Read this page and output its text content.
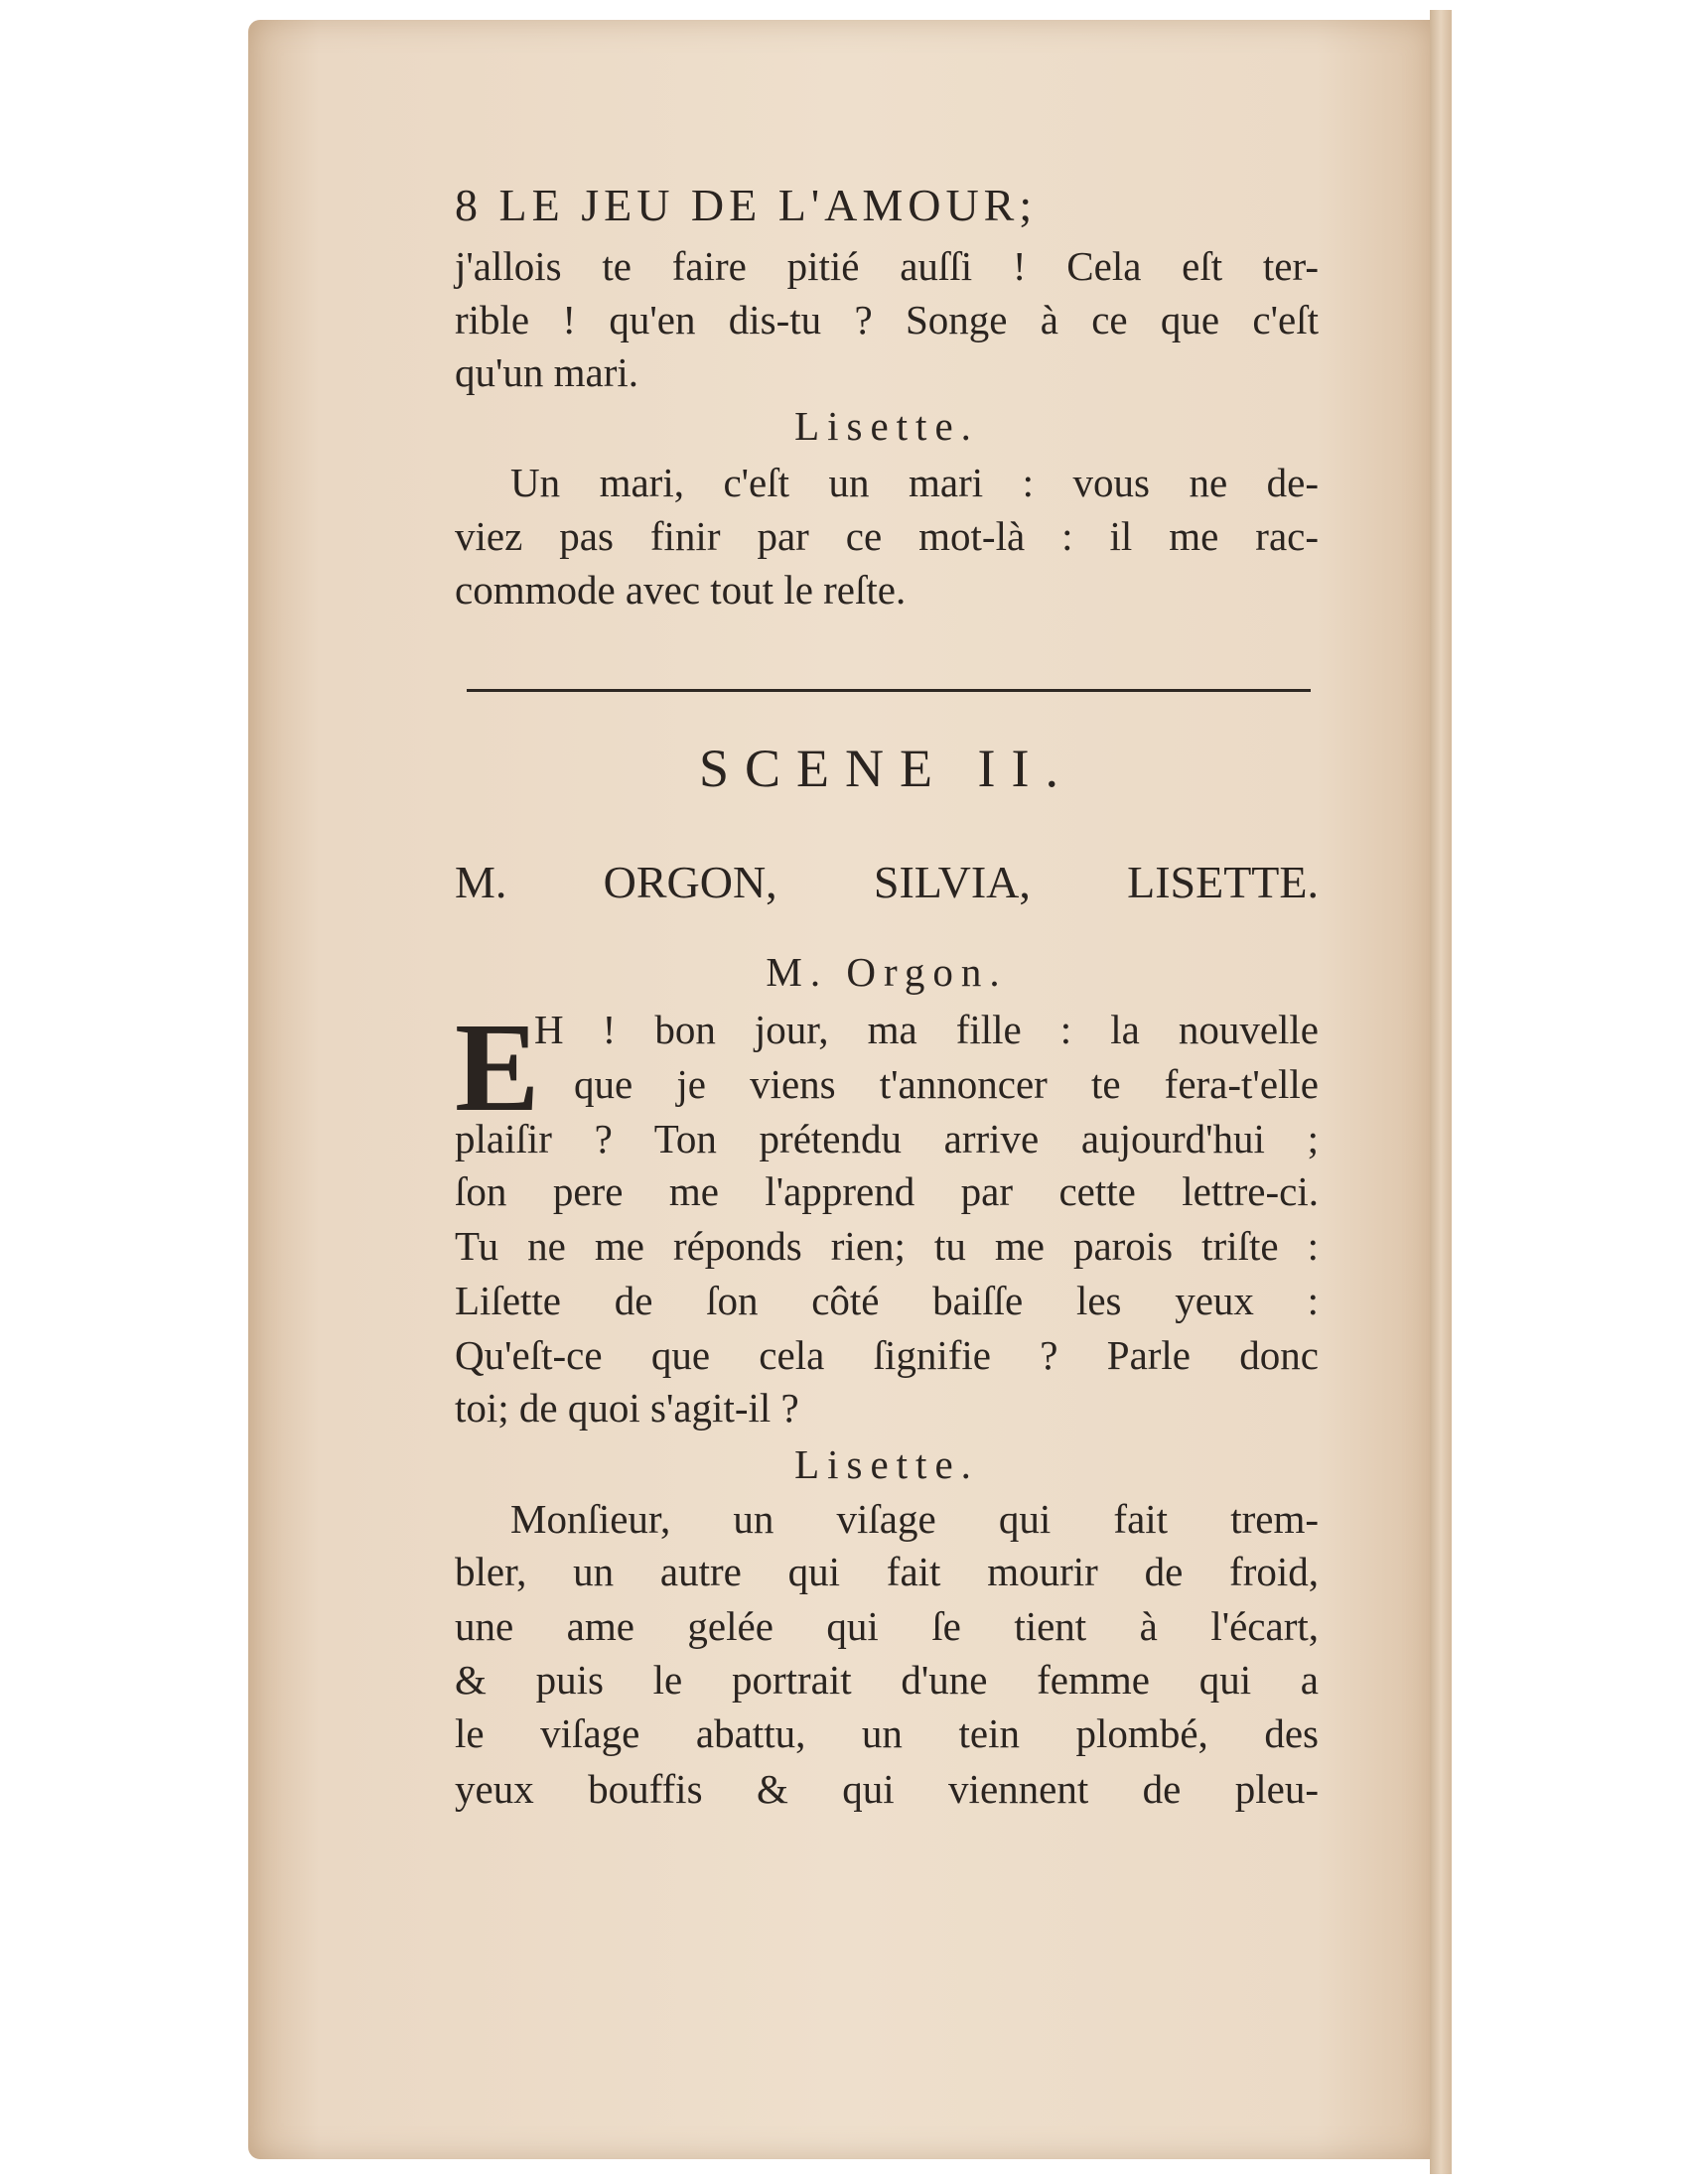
8 LE JEU DE L'AMOUR;
j'allois te faire pitié auſſi ! Cela eſt ter-
rible ! qu'en dis-tu ? Songe à ce que c'eſt
qu'un mari.
Lisette.
Un mari, c'eſt un mari : vous ne de-
viez pas finir par ce mot-là : il me rac-
commode avec tout le reſte.
SCENE II.
M. ORGON, SILVIA, LISETTE.
M. Orgon.
E
H ! bon jour, ma fille : la nouvelle
que je viens t'annoncer te fera-t'elle
plaiſir ? Ton prétendu arrive aujourd'hui ;
ſon pere me l'apprend par cette lettre-ci.
Tu ne me réponds rien; tu me parois triſte :
Liſette de ſon côté baiſſe les yeux :
Qu'eſt-ce que cela ſignifie ? Parle donc
toi; de quoi s'agit-il ?
Lisette.
Monſieur, un viſage qui fait trem-
bler, un autre qui fait mourir de froid,
une ame gelée qui ſe tient à l'écart,
& puis le portrait d'une femme qui a
le viſage abattu, un tein plombé, des
yeux bouffis & qui viennent de pleu-
